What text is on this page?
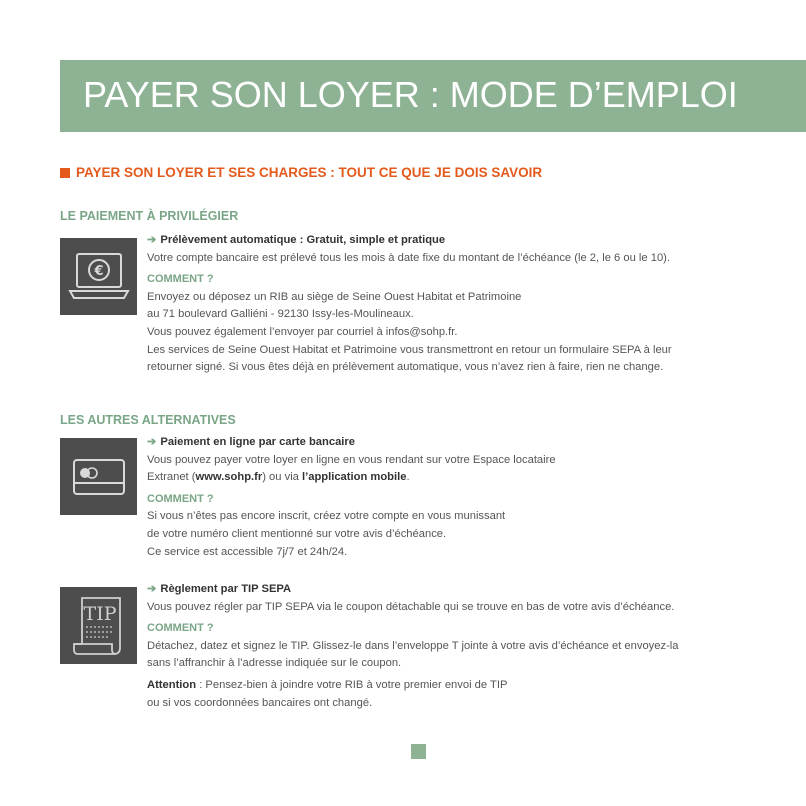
PAYER SON LOYER : MODE D’EMPLOI
PAYER SON LOYER ET SES CHARGES : TOUT CE QUE JE DOIS SAVOIR
LE PAIEMENT À PRIVILÉGIER
€
➔ Prélèvement automatique : Gratuit, simple et pratique
Votre compte bancaire est prélevé tous les mois à date fixe du montant de l’échéance (le 2, le 6 ou le 10).
COMMENT ?
Envoyez ou déposez un RIB au siège de Seine Ouest Habitat et Patrimoine
au 71 boulevard Galliéni - 92130 Issy-les-Moulineaux.
Vous pouvez également l’envoyer par courriel à infos@sohp.fr.
Les services de Seine Ouest Habitat et Patrimoine vous transmettront en retour un formulaire SEPA à leur
retourner signé. Si vous êtes déjà en prélèvement automatique, vous n’avez rien à faire, rien ne change.
LES AUTRES ALTERNATIVES
➔ Paiement en ligne par carte bancaire
Vous pouvez payer votre loyer en ligne en vous rendant sur votre Espace locataire
Extranet (www.sohp.fr) ou via l’application mobile.
COMMENT ?
Si vous n’êtes pas encore inscrit, créez votre compte en vous munissant
de votre numéro client mentionné sur votre avis d’échéance.
Ce service est accessible 7j/7 et 24h/24.
TIP
➔ Règlement par TIP SEPA
Vous pouvez régler par TIP SEPA via le coupon détachable qui se trouve en bas de votre avis d’échéance.
COMMENT ?
Détachez, datez et signez le TIP. Glissez-le dans l’enveloppe T jointe à votre avis d’échéance et envoyez-la
sans l’affranchir à l’adresse indiquée sur le coupon.
Attention : Pensez-bien à joindre votre RIB à votre premier envoi de TIP
ou si vos coordonnées bancaires ont changé.
